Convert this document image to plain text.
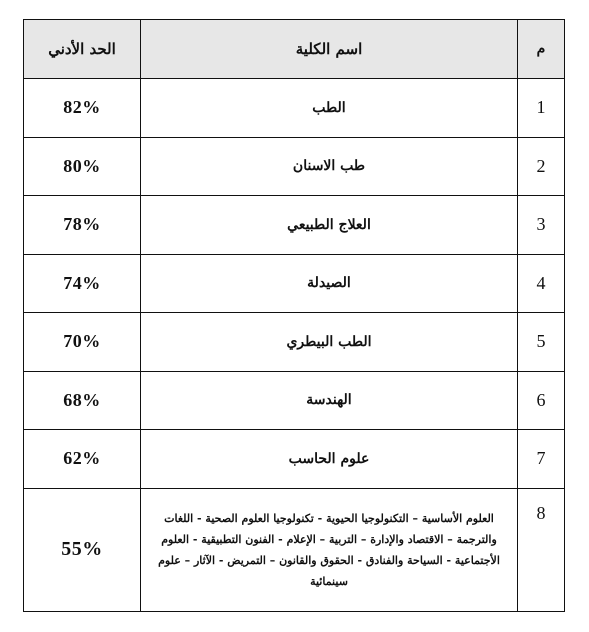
الحد الأدني	اسم الكلية	م
82%	الطب	1
80%	طب الاسنان	2
78%	العلاج الطبيعي	3
74%	الصيدلة	4
70%	الطب البيطري	5
68%	الهندسة	6
62%	علوم الحاسب	7
55%	العلوم الأساسية – التكنولوجيا الحيوية - تكنولوجيا العلوم الصحية - اللغات والترجمة – الاقتصاد والإدارة – التربية – الإعلام - الفنون التطبيقية - العلوم الأجتماعية - السياحة والفنادق - الحقوق والقانون – التمريض - الآثار – علوم سينمائية	8
